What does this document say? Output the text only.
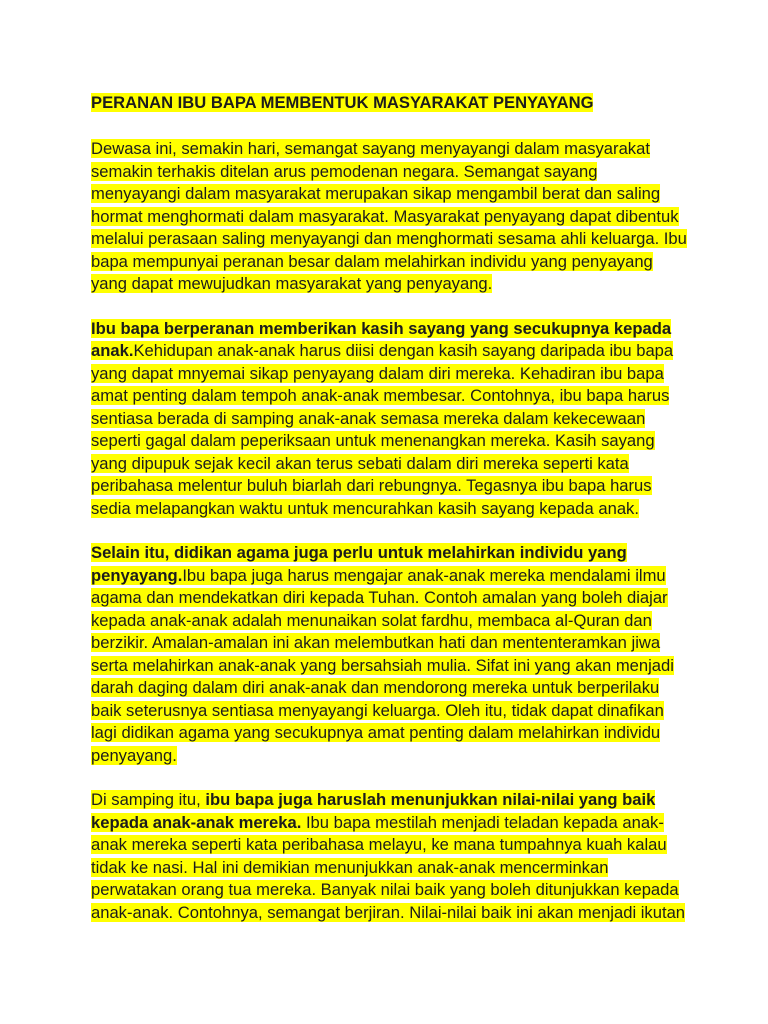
PERANAN IBU BAPA MEMBENTUK MASYARAKAT PENYAYANG
Dewasa ini, semakin hari, semangat sayang menyayangi dalam masyarakat
semakin terhakis ditelan arus pemodenan negara. Semangat sayang
menyayangi dalam masyarakat merupakan sikap mengambil berat dan saling
hormat menghormati dalam masyarakat. Masyarakat penyayang dapat dibentuk
melalui perasaan saling menyayangi dan menghormati sesama ahli keluarga. Ibu
bapa mempunyai peranan besar dalam melahirkan individu yang penyayang
yang dapat mewujudkan masyarakat yang penyayang.
Ibu bapa berperanan memberikan kasih sayang yang secukupnya kepada
anak.Kehidupan anak-anak harus diisi dengan kasih sayang daripada ibu bapa
yang dapat mnyemai sikap penyayang dalam diri mereka. Kehadiran ibu bapa
amat penting dalam tempoh anak-anak membesar. Contohnya, ibu bapa harus
sentiasa berada di samping anak-anak semasa mereka dalam kekecewaan
seperti gagal dalam peperiksaan untuk menenangkan mereka. Kasih sayang
yang dipupuk sejak kecil akan terus sebati dalam diri mereka seperti kata
peribahasa melentur buluh biarlah dari rebungnya. Tegasnya ibu bapa harus
sedia melapangkan waktu untuk mencurahkan kasih sayang kepada anak.
Selain itu, didikan agama juga perlu untuk melahirkan individu yang
penyayang.Ibu bapa juga harus mengajar anak-anak mereka mendalami ilmu
agama dan mendekatkan diri kepada Tuhan. Contoh amalan yang boleh diajar
kepada anak-anak adalah menunaikan solat fardhu, membaca al-Quran dan
berzikir. Amalan-amalan ini akan melembutkan hati dan mententeramkan jiwa
serta melahirkan anak-anak yang bersahsiah mulia. Sifat ini yang akan menjadi
darah daging dalam diri anak-anak dan mendorong mereka untuk berperilaku
baik seterusnya sentiasa menyayangi keluarga. Oleh itu, tidak dapat dinafikan
lagi didikan agama yang secukupnya amat penting dalam melahirkan individu
penyayang.
Di samping itu, ibu bapa juga haruslah menunjukkan nilai-nilai yang baik
kepada anak-anak mereka. Ibu bapa mestilah menjadi teladan kepada anak-
anak mereka seperti kata peribahasa melayu, ke mana tumpahnya kuah kalau
tidak ke nasi. Hal ini demikian menunjukkan anak-anak mencerminkan
perwatakan orang tua mereka. Banyak nilai baik yang boleh ditunjukkan kepada
anak-anak. Contohnya, semangat berjiran. Nilai-nilai baik ini akan menjadi ikutan
